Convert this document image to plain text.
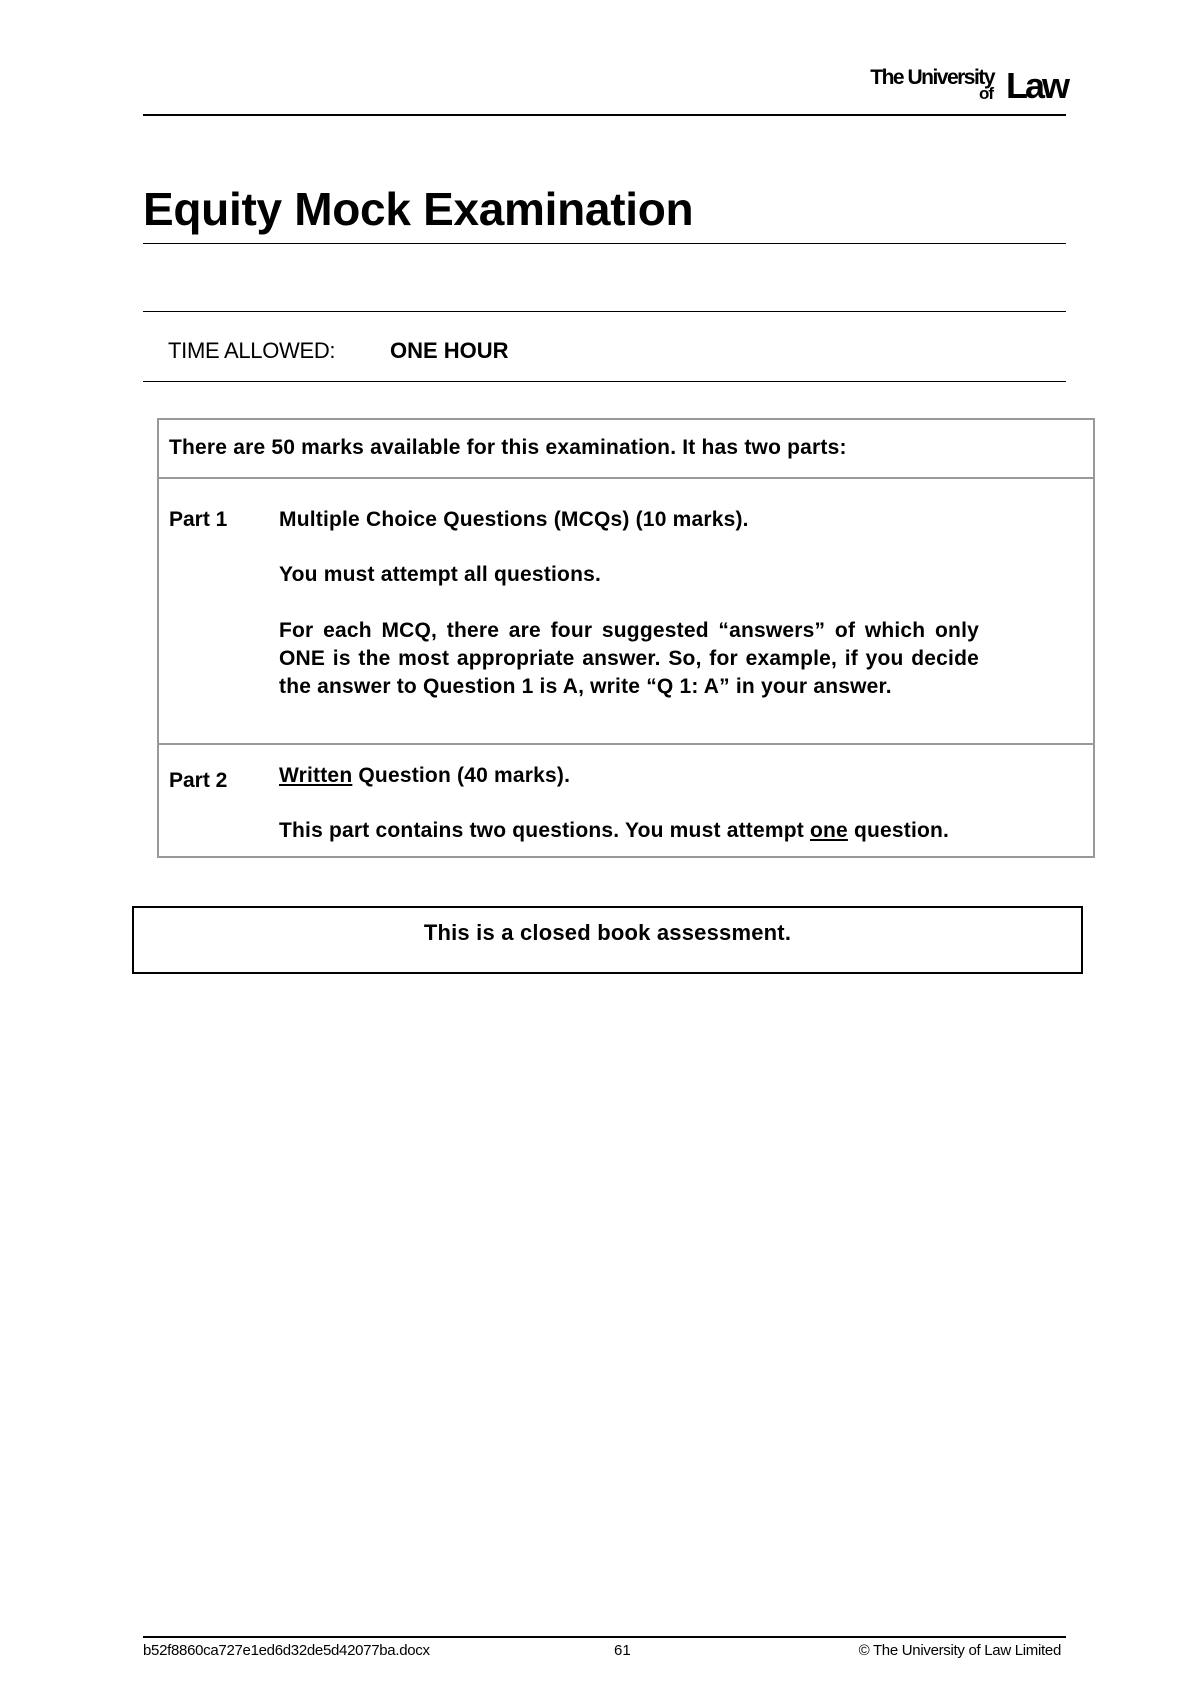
The University
of Law
Equity Mock Examination
TIME ALLOWED: ONE HOUR
There are 50 marks available for this examination. It has two parts:
Part 1 Multiple Choice Questions (MCQs) (10 marks).
You must attempt all questions.
For each MCQ, there are four suggested “answers” of which only ONE is the most appropriate answer. So, for example, if you decide the answer to Question 1 is A, write “Q 1: A” in your answer.
Part 2 Written Question (40 marks).
This part contains two questions. You must attempt one question.
This is a closed book assessment.
b52f8860ca727e1ed6d32de5d42077ba.docx	61	© The University of Law Limited
